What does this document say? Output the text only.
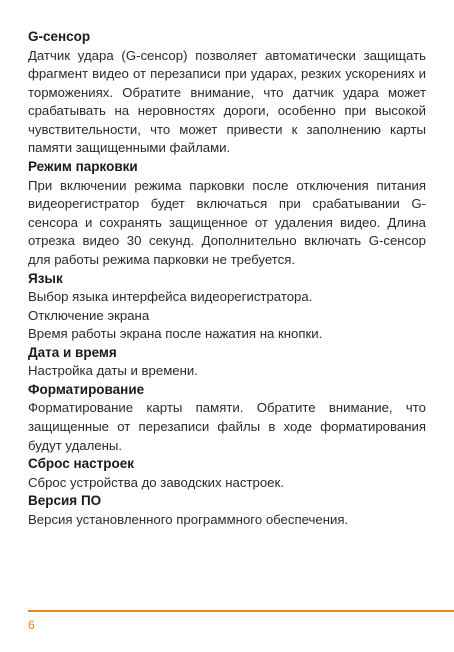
G-сенсор

Датчик удара (G-сенсор) позволяет автоматически защищать фрагмент видео от перезаписи при ударах, резких ускорениях и торможениях. Обратите внимание, что датчик удара может срабатывать на неровностях дороги, особенно при высокой чувствительности, что может привести к заполнению карты памяти защищенными файлами.

Режим парковки

При включении режима парковки после отключения питания видеорегистратор будет включаться при срабатывании G-сенсора и сохранять защищенное от удаления видео. Длина отрезка видео 30 секунд. Дополнительно включать G-сенсор для работы режима парковки не требуется.

Язык

Выбор языка интерфейса видеорегистратора.

Отключение экрана

Время работы экрана после нажатия на кнопки.

Дата и время

Настройка даты и времени.

Форматирование

Форматирование карты памяти. Обратите внимание, что защищенные от перезаписи файлы в ходе форматирования будут удалены.

Сброс настроек

Сброс устройства до заводских настроек.

Версия ПО

Версия установленного программного обеспечения.

6
